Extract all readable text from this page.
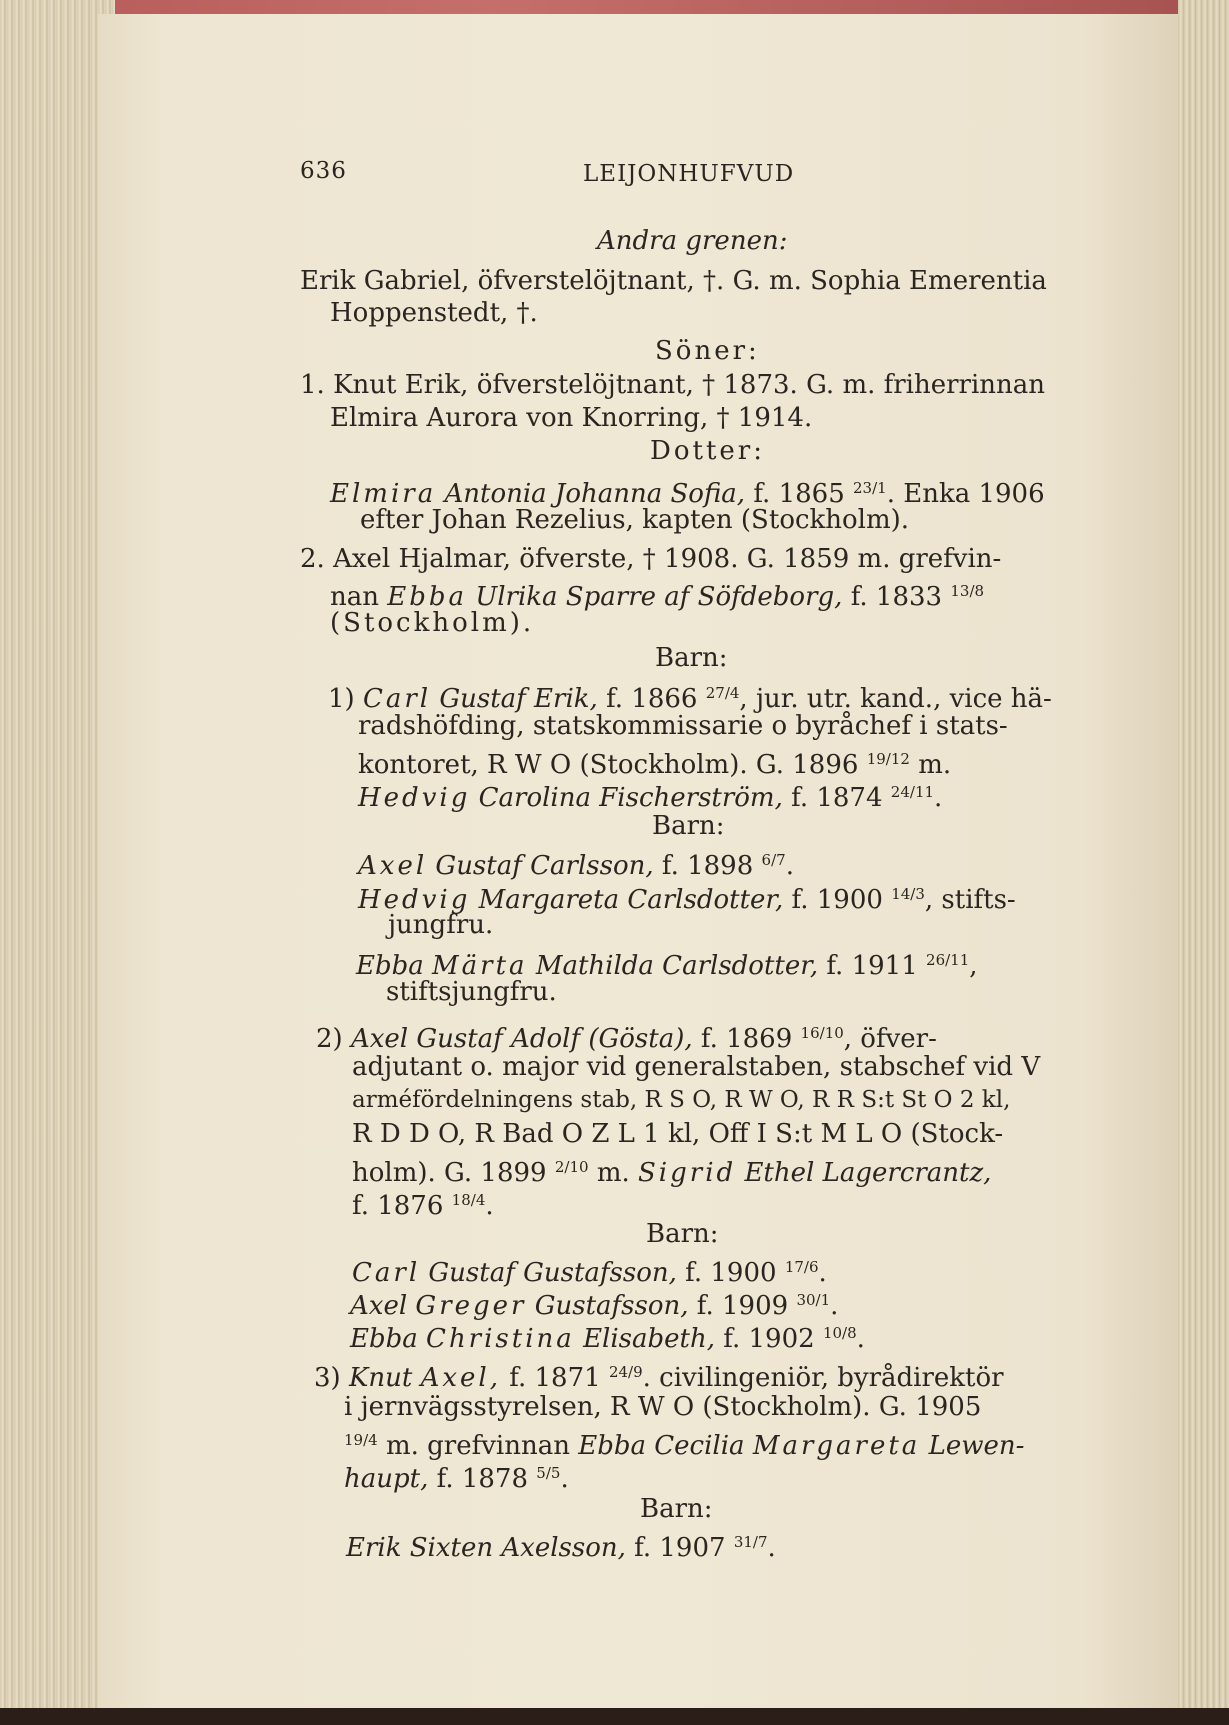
636	LEIJONHUFVUD
Andra grenen:
Erik Gabriel, öfverstelöjtnant, †. G. m. Sophia Emerentia
Hoppenstedt, †.
Söner:
1. Knut Erik, öfverstelöjtnant, † 1873. G. m. friherrinnan
Elmira Aurora von Knorring, † 1914.
Dotter:
Elmira Antonia Johanna Sofia, f. 1865 $^{23/1}$. Enka 1906
efter Johan Rezelius, kapten (Stockholm).
2. Axel Hjalmar, öfverste, † 1908. G. 1859 m. grefvin-
nan Ebba Ulrika Sparre af Söfdeborg, f. 1833 $^{13/8}$
(Stockholm).
Barn:
1) Carl Gustaf Erik, f. 1866 $^{27/4}$, jur. utr. kand., vice hä-
radshöfding, statskommissarie o byråchef i stats-
kontoret, R W O (Stockholm). G. 1896 $^{19/12}$ m.
Hedvig Carolina Fischerström, f. 1874 $^{24/11}$.
Barn:
Axel Gustaf Carlsson, f. 1898 $^{6/7}$.
Hedvig Margareta Carlsdotter, f. 1900 $^{14/3}$, stifts-
jungfru.
Ebba Märta Mathilda Carlsdotter, f. 1911 $^{26/11}$,
stiftsjungfru.
2) Axel Gustaf Adolf (Gösta), f. 1869 $^{16/10}$, öfver-
adjutant o. major vid generalstaben, stabschef vid V
arméfördelningens stab, R S O, R W O, R R S:t St O 2 kl,
R D D O, R Bad O Z L 1 kl, Off I S:t M L O (Stock-
holm). G. 1899 $^{2/10}$ m. Sigrid Ethel Lagercrantz,
f. 1876 $^{18/4}$.
Barn:
Carl Gustaf Gustafsson, f. 1900 $^{17/6}$.
Axel Greger Gustafsson, f. 1909 $^{30/1}$.
Ebba Christina Elisabeth, f. 1902 $^{10/8}$.
3) Knut Axel, f. 1871 $^{24/9}$. civilingeniör, byrådirektör
i jernvägsstyrelsen, R W O (Stockholm). G. 1905
$^{19/4}$ m. grefvinnan Ebba Cecilia Margareta Lewen-
haupt, f. 1878 $^{5/5}$.
Barn:
Erik Sixten Axelsson, f. 1907 $^{31/7}$.
